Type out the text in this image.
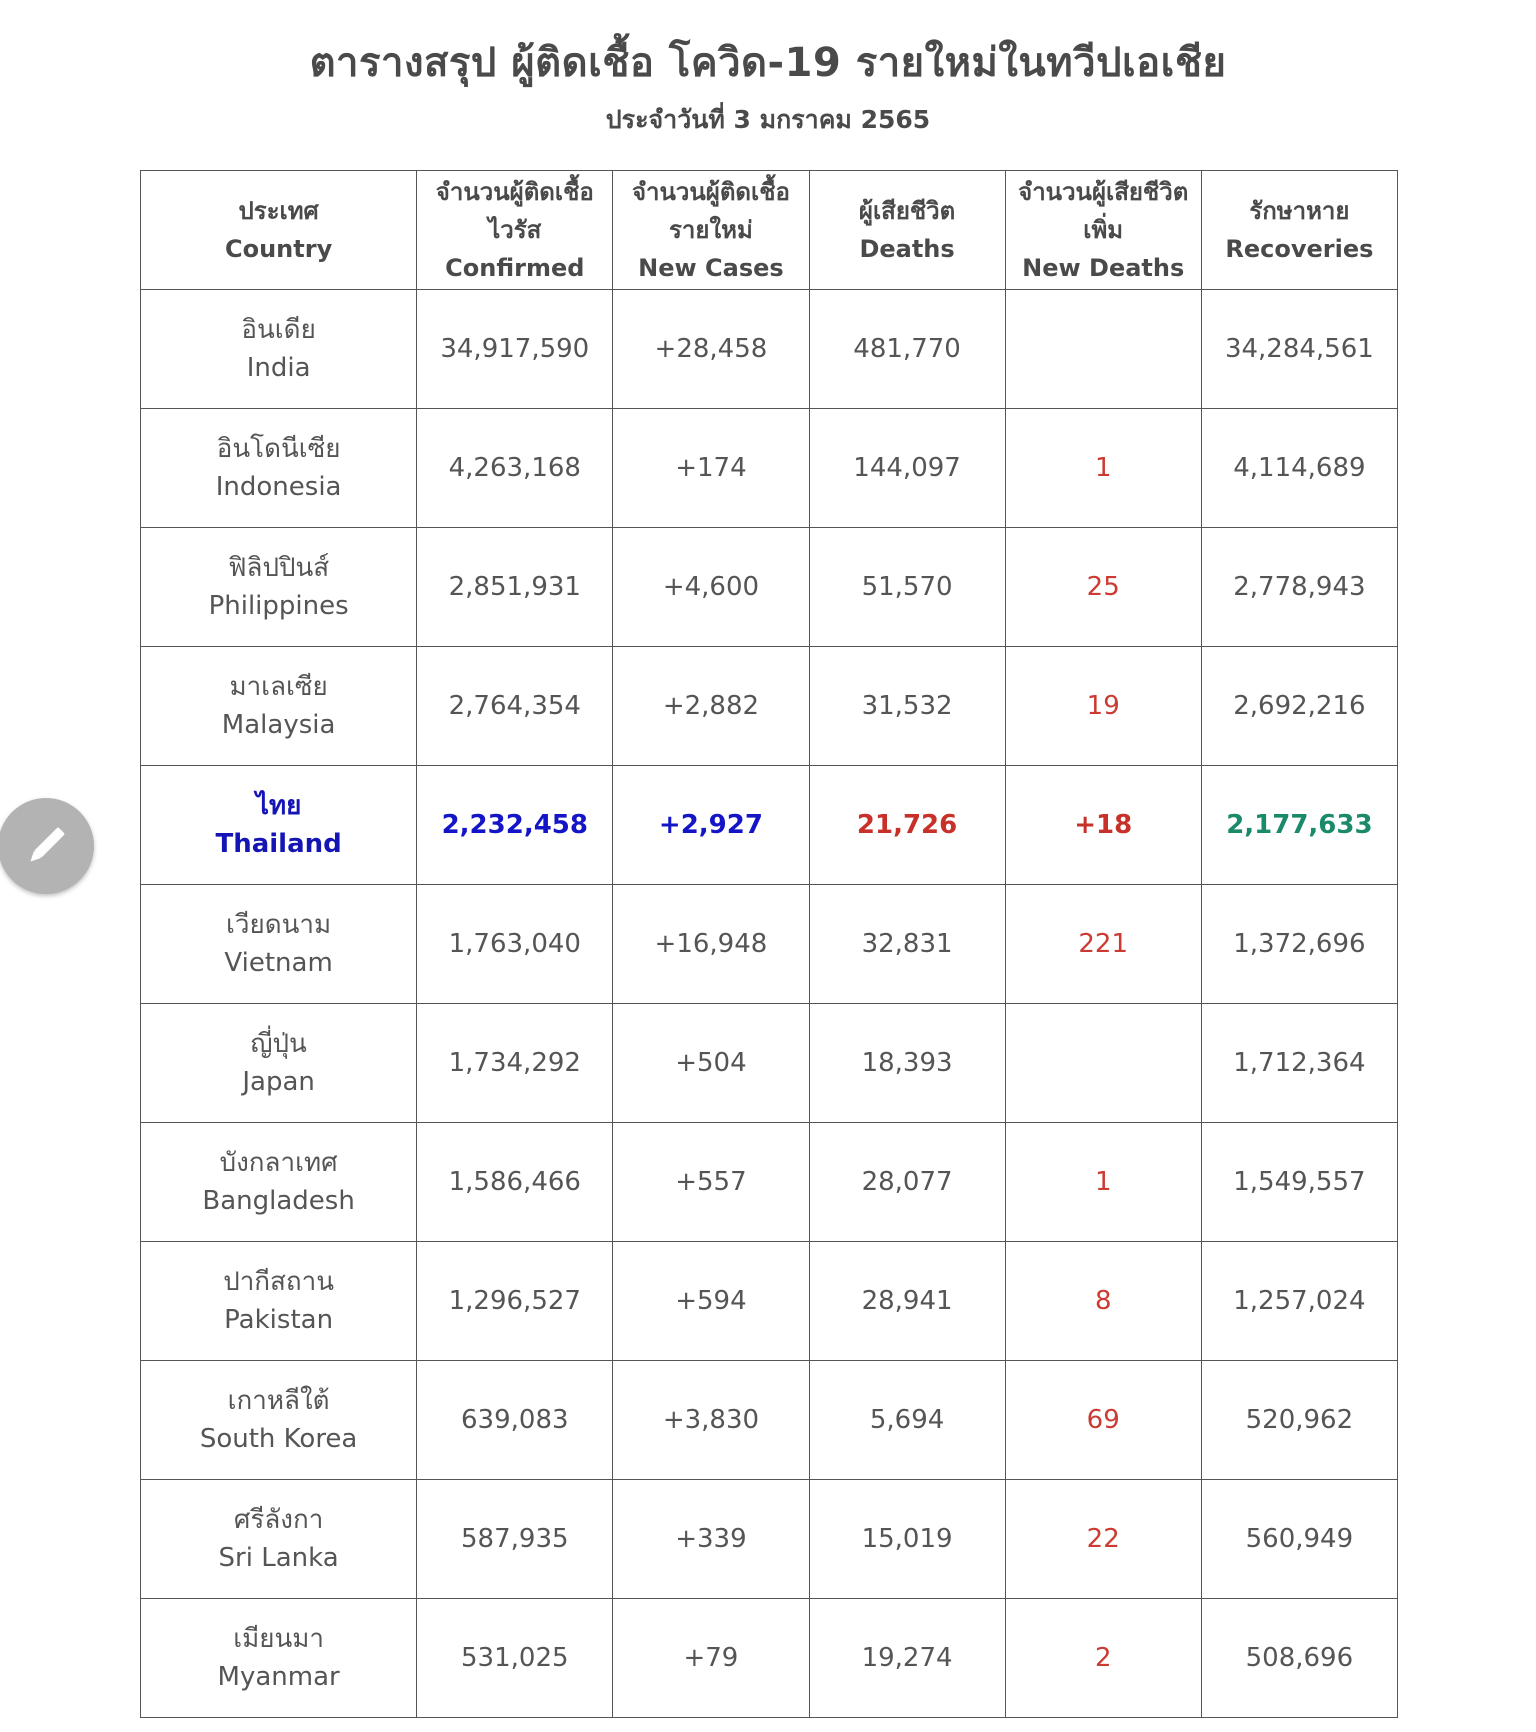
ตารางสรุป ผู้ติดเชื้อ โควิด-19 รายใหม่ในทวีปเอเชีย
ประจำวันที่ 3 มกราคม 2565
ประเทศ
Country	จำนวนผู้ติดเชื้อ
ไวรัส
Confirmed	จำนวนผู้ติดเชื้อ
รายใหม่
New Cases	ผู้เสียชีวิต
Deaths	จำนวนผู้เสียชีวิต
เพิ่ม
New Deaths	รักษาหาย
Recoveries

อินเดีย
India	34,917,590	+28,458	481,770		34,284,561

อินโดนีเซีย
Indonesia	4,263,168	+174	144,097	1	4,114,689

ฟิลิปปินส์
Philippines	2,851,931	+4,600	51,570	25	2,778,943

มาเลเซีย
Malaysia	2,764,354	+2,882	31,532	19	2,692,216

ไทย
Thailand	2,232,458	+2,927	21,726	+18	2,177,633

เวียดนาม
Vietnam	1,763,040	+16,948	32,831	221	1,372,696

ญี่ปุ่น
Japan	1,734,292	+504	18,393		1,712,364

บังกลาเทศ
Bangladesh	1,586,466	+557	28,077	1	1,549,557

ปากีสถาน
Pakistan	1,296,527	+594	28,941	8	1,257,024

เกาหลีใต้
South Korea	639,083	+3,830	5,694	69	520,962

ศรีลังกา
Sri Lanka	587,935	+339	15,019	22	560,949

เมียนมา
Myanmar	531,025	+79	19,274	2	508,696
